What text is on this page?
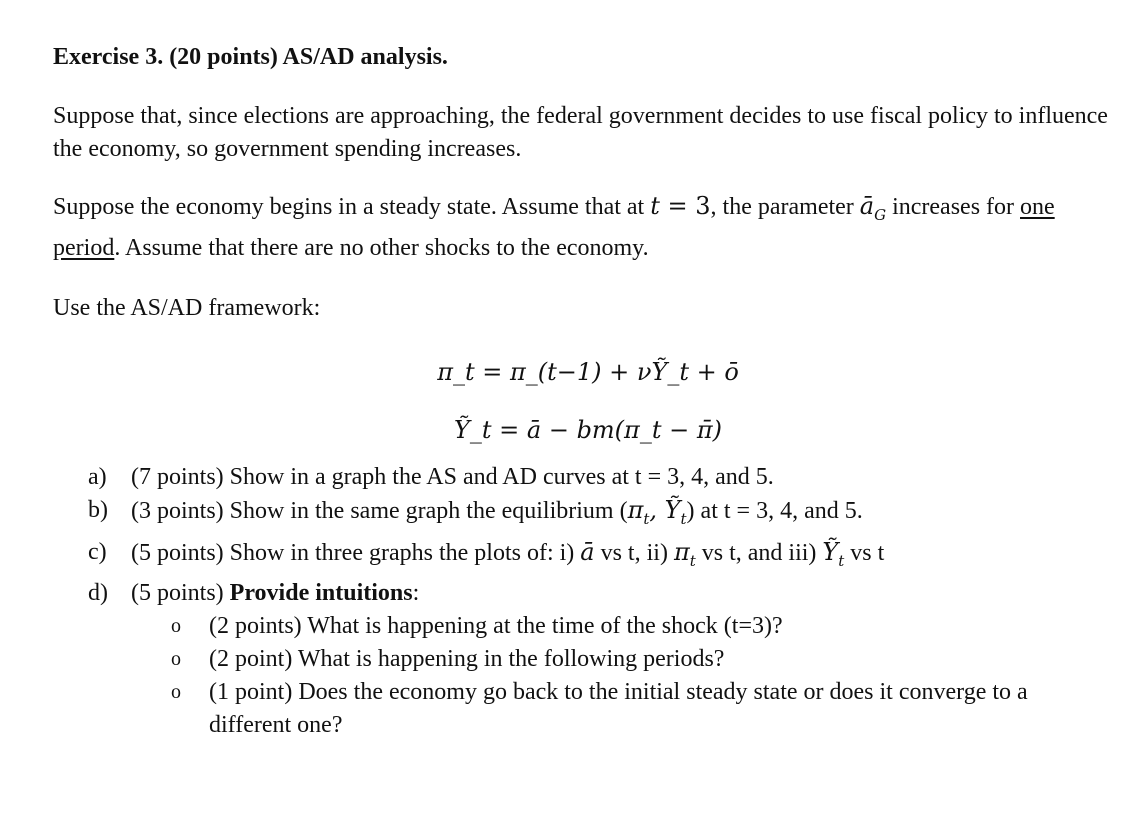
Exercise 3. (20 points) AS/AD analysis.

Suppose that, since elections are approaching, the federal government decides to use fiscal policy to influence the economy, so government spending increases.

Suppose the economy begins in a steady state. Assume that at t = 3, the parameter $ā_G$ increases for one period. Assume that there are no other shocks to the economy.

Use the AS/AD framework:

π_t = π_(t−1) + νỸ_t + ō

Ỹ_t = ā − bm(π_t − π̄)

a)	(7 points) Show in a graph the AS and AD curves at t = 3, 4, and 5.
b) (3 points) Show in the same graph the equilibrium ($\pi_t$, Ỹ$_t$) at t = 3, 4, and 5.
c)	(5 points) Show in three graphs the plots of: i) ā vs t, ii) $\pi_t$ vs t, and iii) Ỹ$_t$ vs t
d) (5 points) Provide intuitions:
o	(2 points) What is happening at the time of the shock (t=3)?
o	(2 point) What is happening in the following periods?
o	(1 point) Does the economy go back to the initial steady state or does it converge to a different one?
